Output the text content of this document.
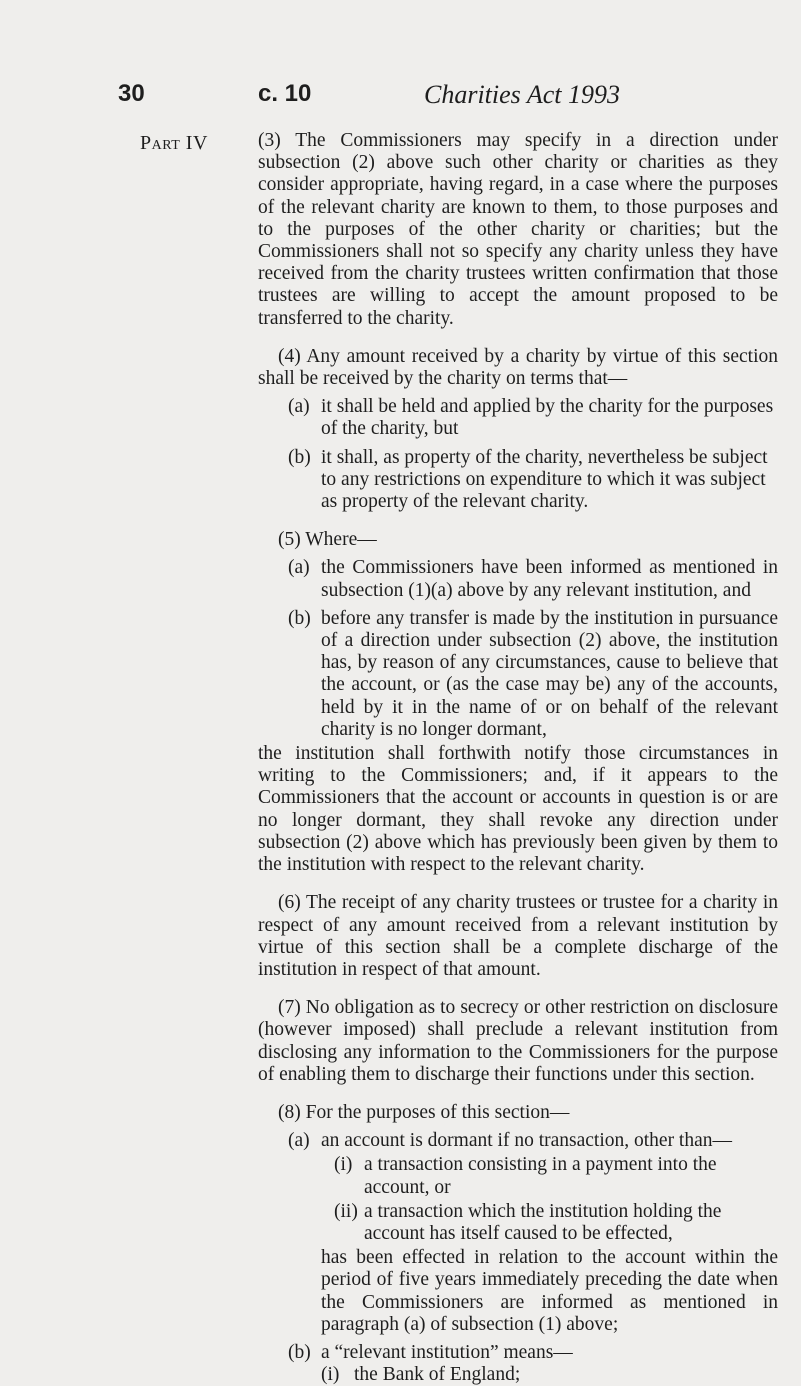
30	c. 10	Charities Act 1993
Part IV	(3) The Commissioners may specify in a direction under subsection (2) above such other charity or charities as they consider appropriate, having regard, in a case where the purposes of the relevant charity are known to them, to those purposes and to the purposes of the other charity or charities; but the Commissioners shall not so specify any charity unless they have received from the charity trustees written confirmation that those trustees are willing to accept the amount proposed to be transferred to the charity.

(4) Any amount received by a charity by virtue of this section shall be received by the charity on terms that—

(a) it shall be held and applied by the charity for the purposes of the charity, but
(b) it shall, as property of the charity, nevertheless be subject to any restrictions on expenditure to which it was subject as property of the relevant charity.

(5) Where—

(a) the Commissioners have been informed as mentioned in subsection (1)(a) above by any relevant institution, and
(b) before any transfer is made by the institution in pursuance of a direction under subsection (2) above, the institution has, by reason of any circumstances, cause to believe that the account, or (as the case may be) any of the accounts, held by it in the name of or on behalf of the relevant charity is no longer dormant,

the institution shall forthwith notify those circumstances in writing to the Commissioners; and, if it appears to the Commissioners that the account or accounts in question is or are no longer dormant, they shall revoke any direction under subsection (2) above which has previously been given by them to the institution with respect to the relevant charity.

(6) The receipt of any charity trustees or trustee for a charity in respect of any amount received from a relevant institution by virtue of this section shall be a complete discharge of the institution in respect of that amount.

(7) No obligation as to secrecy or other restriction on disclosure (however imposed) shall preclude a relevant institution from disclosing any information to the Commissioners for the purpose of enabling them to discharge their functions under this section.

(8) For the purposes of this section—

(a) an account is dormant if no transaction, other than—
(i) a transaction consisting in a payment into the account, or
(ii) a transaction which the institution holding the account has itself caused to be effected,

has been effected in relation to the account within the period of five years immediately preceding the date when the Commissioners are informed as mentioned in paragraph (a) of subsection (1) above;

(b) a “relevant institution” means—
(i) the Bank of England;
